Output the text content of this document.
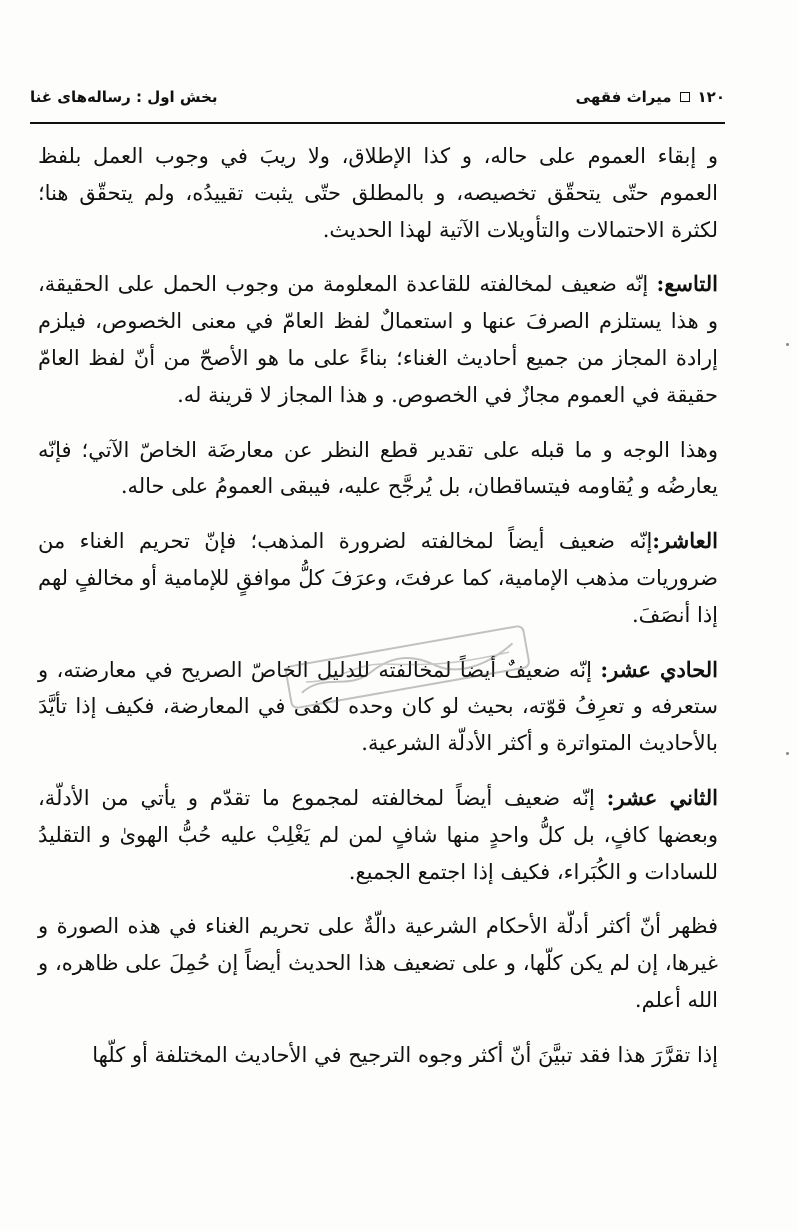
۱۲۰
میراث فقهی
بخش اول : رساله‌های غنا

و إبقاء العموم على حاله، و كذا الإطلاق، ولا ريبَ في وجوب العمل بلفظ العموم حتّى يتحقّق تخصيصه، و بالمطلق حتّى يثبت تقييدُه، ولم يتحقّق هنا؛ لكثرة الاحتمالات والتأويلات الآتية لهذا الحديث.

التاسع: إنّه ضعيف لمخالفته للقاعدة المعلومة من وجوب الحمل على الحقيقة، و هذا يستلزم الصرفَ عنها و استعمالٌ لفظ العامّ في معنى الخصوص، فيلزم إرادة المجاز من جميع أحاديث الغناء؛ بناءً على ما هو الأصحّ من أنّ لفظ العامّ حقيقة في العموم مجازٌ في الخصوص. و هذا المجاز لا قرينة له.

وهذا الوجه و ما قبله على تقدير قطع النظر عن معارضَة الخاصّ الآتي؛ فإنّه يعارضُه و يُقاومه فيتساقطان، بل يُرجَّح عليه، فيبقى العمومُ على حاله.

العاشر:إنّه ضعيف أيضاً لمخالفته لضرورة المذهب؛ فإنّ تحريم الغناء من ضروريات مذهب الإمامية، كما عرفتَ، وعرَفَ كلُّ موافقٍ للإمامية أو مخالفٍ لهم إذا أنصَفَ.

الحادي عشر: إنّه ضعيفٌ أيضاً لمخالفته للدليل الخاصّ الصريح في معارضته، و ستعرفه و تعرِفُ قوّته، بحيث لو كان وحده لكفى في المعارضة، فكيف إذا تأيَّدَ بالأحاديث المتواترة و أكثر الأدلّة الشرعية.

الثاني عشر: إنّه ضعيف أيضاً لمخالفته لمجموع ما تقدّم و يأتي من الأدلّة، وبعضها كافٍ، بل كلُّ واحدٍ منها شافٍ لمن لم يَغْلِبْ عليه حُبُّ الهوىٰ و التقليدُ للسادات و الكُبَراء، فكيف إذا اجتمع الجميع.

فظهر أنّ أكثر أدلّة الأحكام الشرعية دالّةٌ على تحريم الغناء في هذه الصورة و غيرها، إن لم يكن كلّها، و على تضعيف هذا الحديث أيضاً إن حُمِلَ على ظاهره، و الله أعلم.

إذا تقرَّرَ هذا فقد تبيَّنَ أنّ أكثر وجوه الترجيح في الأحاديث المختلفة أو كلّها
